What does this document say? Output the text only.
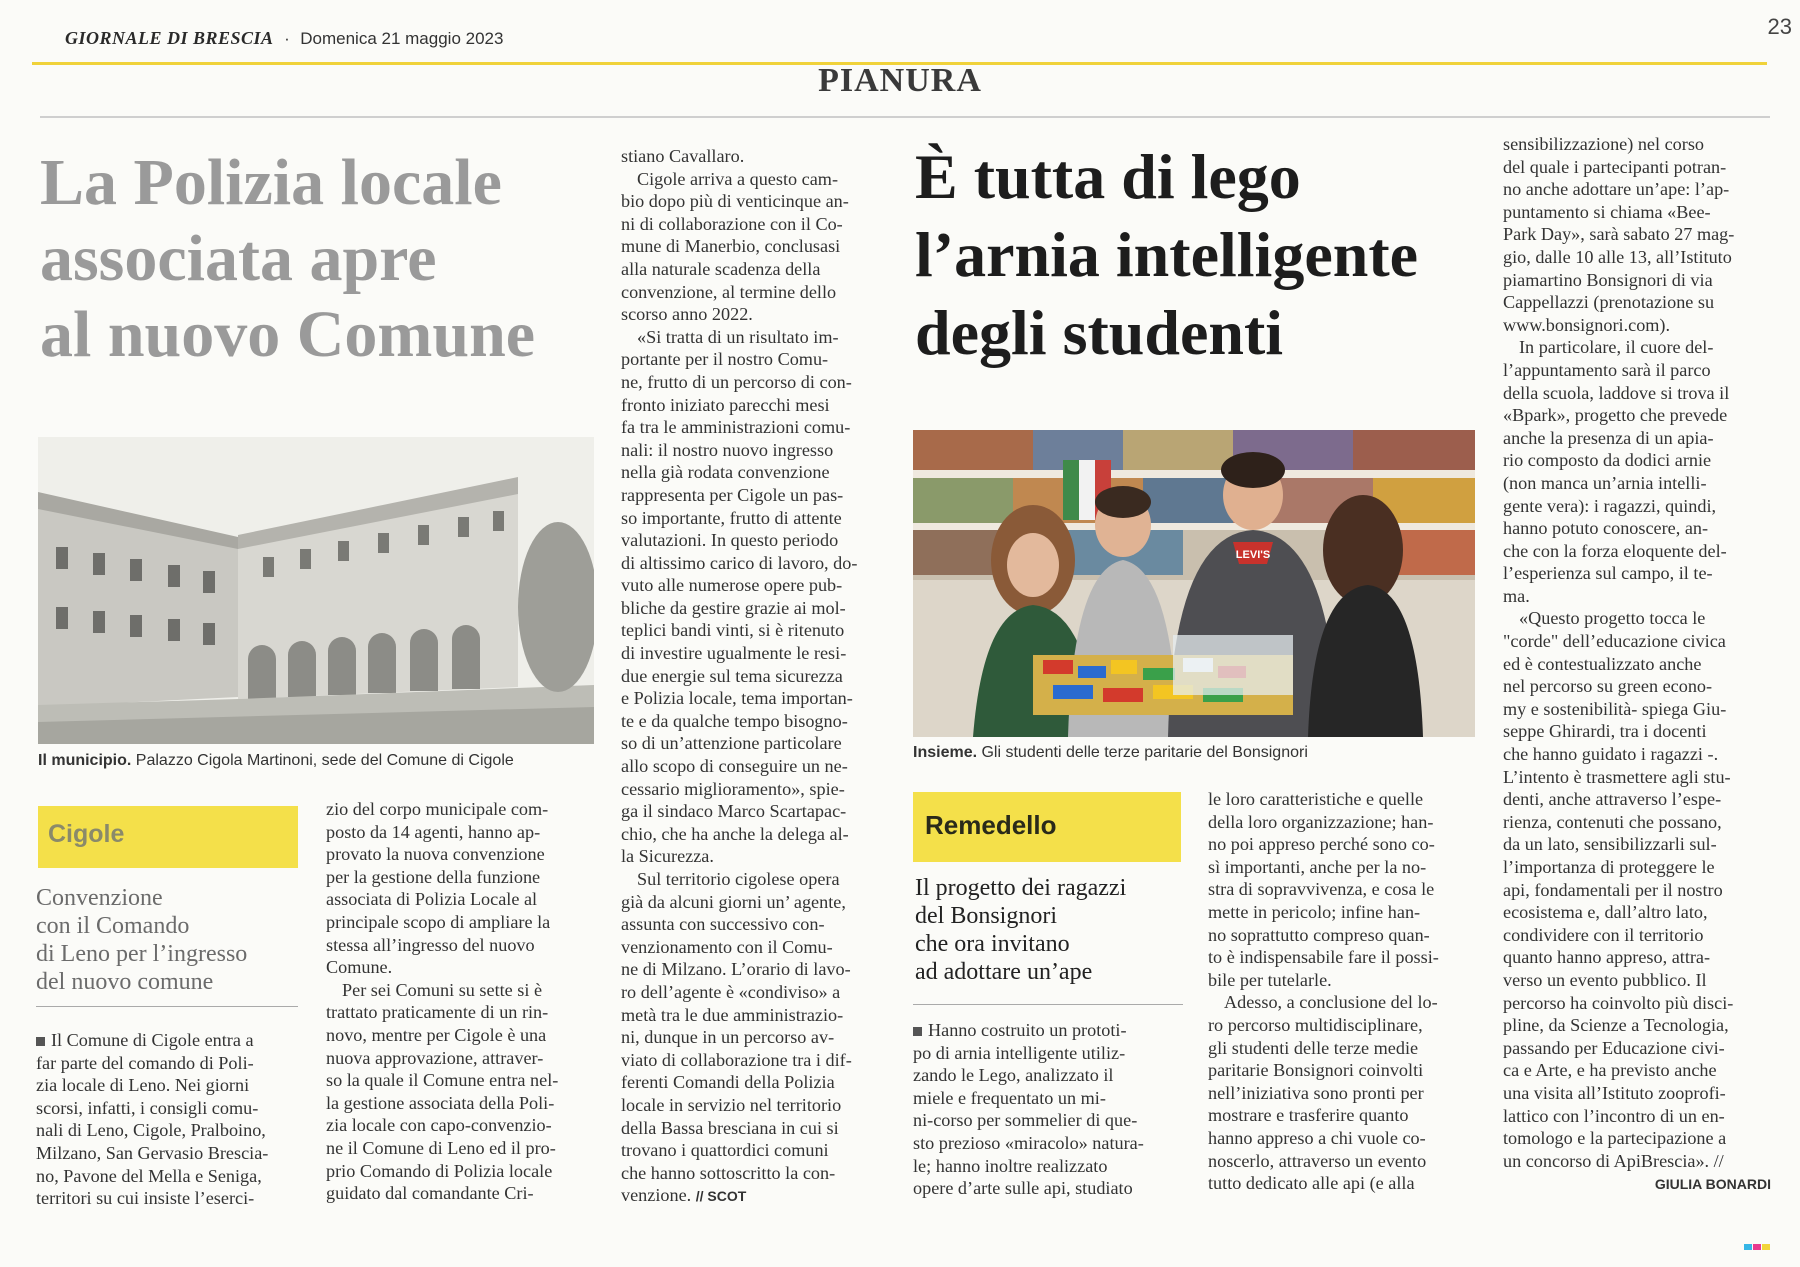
GIORNALE DI BRESCIA · Domenica 21 maggio 2023	23
PIANURA
La Polizia locale
associata apre
al nuovo Comune
Il municipio. Palazzo Cigola Martinoni, sede del Comune di Cigole
Cigole
Convenzione
con il Comando
di Leno per l’ingresso
del nuovo comune

Il Comune di Cigole entra a

far parte del comando di Poli-

zia locale di Leno. Nei giorni

scorsi, infatti, i consigli comu-

nali di Leno, Cigole, Pralboino,

Milzano, San Gervasio Brescia-

no, Pavone del Mella e Seniga,

territori su cui insiste l’eserci-

zio del corpo municipale com-

posto da 14 agenti, hanno ap-

provato la nuova convenzione

per la gestione della funzione

associata di Polizia Locale al

principale scopo di ampliare la

stessa all’ingresso del nuovo

Comune.

Per sei Comuni su sette si è

trattato praticamente di un rin-

novo, mentre per Cigole è una

nuova approvazione, attraver-

so la quale il Comune entra nel-

la gestione associata della Poli-

zia locale con capo-convenzio-

ne il Comune di Leno ed il pro-

prio Comando di Polizia locale

guidato dal comandante Cri-

stiano Cavallaro.

Cigole arriva a questo cam-

bio dopo più di venticinque an-

ni di collaborazione con il Co-

mune di Manerbio, conclusasi

alla naturale scadenza della

convenzione, al termine dello

scorso anno 2022.

«Si tratta di un risultato im-

portante per il nostro Comu-

ne, frutto di un percorso di con-

fronto iniziato parecchi mesi

fa tra le amministrazioni comu-

nali: il nostro nuovo ingresso

nella già rodata convenzione

rappresenta per Cigole un pas-

so importante, frutto di attente

valutazioni. In questo periodo

di altissimo carico di lavoro, do-

vuto alle numerose opere pub-

bliche da gestire grazie ai mol-

teplici bandi vinti, si è ritenuto

di investire ugualmente le resi-

due energie sul tema sicurezza

e Polizia locale, tema importan-

te e da qualche tempo bisogno-

so di un’attenzione particolare

allo scopo di conseguire un ne-

cessario miglioramento», spie-

ga il sindaco Marco Scartapac-

chio, che ha anche la delega al-

la Sicurezza.

Sul territorio cigolese opera

già da alcuni giorni un’ agente,

assunta con successivo con-

venzionamento con il Comu-

ne di Milzano. L’orario di lavo-

ro dell’agente è «condiviso» a

metà tra le due amministrazio-

ni, dunque in un percorso av-

viato di collaborazione tra i dif-

ferenti Comandi della Polizia

locale in servizio nel territorio

della Bassa bresciana in cui si

trovano i quattordici comuni

che hanno sottoscritto la con-

venzione. // SCOT

È tutta di lego
l’arnia intelligente
degli studenti
LEVI'S
Insieme. Gli studenti delle terze paritarie del Bonsignori
Remedello
Il progetto dei ragazzi
del Bonsignori
che ora invitano
ad adottare un’ape

Hanno costruito un prototi-

po di arnia intelligente utiliz-

zando le Lego, analizzato il

miele e frequentato un mi-

ni-corso per sommelier di que-

sto prezioso «miracolo» natura-

le; hanno inoltre realizzato

opere d’arte sulle api, studiato

le loro caratteristiche e quelle

della loro organizzazione; han-

no poi appreso perché sono co-

sì importanti, anche per la no-

stra di sopravvivenza, e cosa le

mette in pericolo; infine han-

no soprattutto compreso quan-

to è indispensabile fare il possi-

bile per tutelarle.

Adesso, a conclusione del lo-

ro percorso multidisciplinare,

gli studenti delle terze medie

paritarie Bonsignori coinvolti

nell’iniziativa sono pronti per

mostrare e trasferire quanto

hanno appreso a chi vuole co-

noscerlo, attraverso un evento

tutto dedicato alle api (e alla

sensibilizzazione) nel corso

del quale i partecipanti potran-

no anche adottare un’ape: l’ap-

puntamento si chiama «Bee-

Park Day», sarà sabato 27 mag-

gio, dalle 10 alle 13, all’Istituto

piamartino Bonsignori di via

Cappellazzi (prenotazione su

www.bonsignori.com).

In particolare, il cuore del-

l’appuntamento sarà il parco

della scuola, laddove si trova il

«Bpark», progetto che prevede

anche la presenza di un apia-

rio composto da dodici arnie

(non manca un’arnia intelli-

gente vera): i ragazzi, quindi,

hanno potuto conoscere, an-

che con la forza eloquente del-

l’esperienza sul campo, il te-

ma.

«Questo progetto tocca le

"corde" dell’educazione civica

ed è contestualizzato anche

nel percorso su green econo-

my e sostenibilità- spiega Giu-

seppe Ghirardi, tra i docenti

che hanno guidato i ragazzi -.

L’intento è trasmettere agli stu-

denti, anche attraverso l’espe-

rienza, contenuti che possano,

da un lato, sensibilizzarli sul-

l’importanza di proteggere le

api, fondamentali per il nostro

ecosistema e, dall’altro lato,

condividere con il territorio

quanto hanno appreso, attra-

verso un evento pubblico. Il

percorso ha coinvolto più disci-

pline, da Scienze a Tecnologia,

passando per Educazione civi-

ca e Arte, e ha previsto anche

una visita all’Istituto zooprofi-

lattico con l’incontro di un en-

tomologo e la partecipazione a

un concorso di ApiBrescia». //

GIULIA BONARDI
